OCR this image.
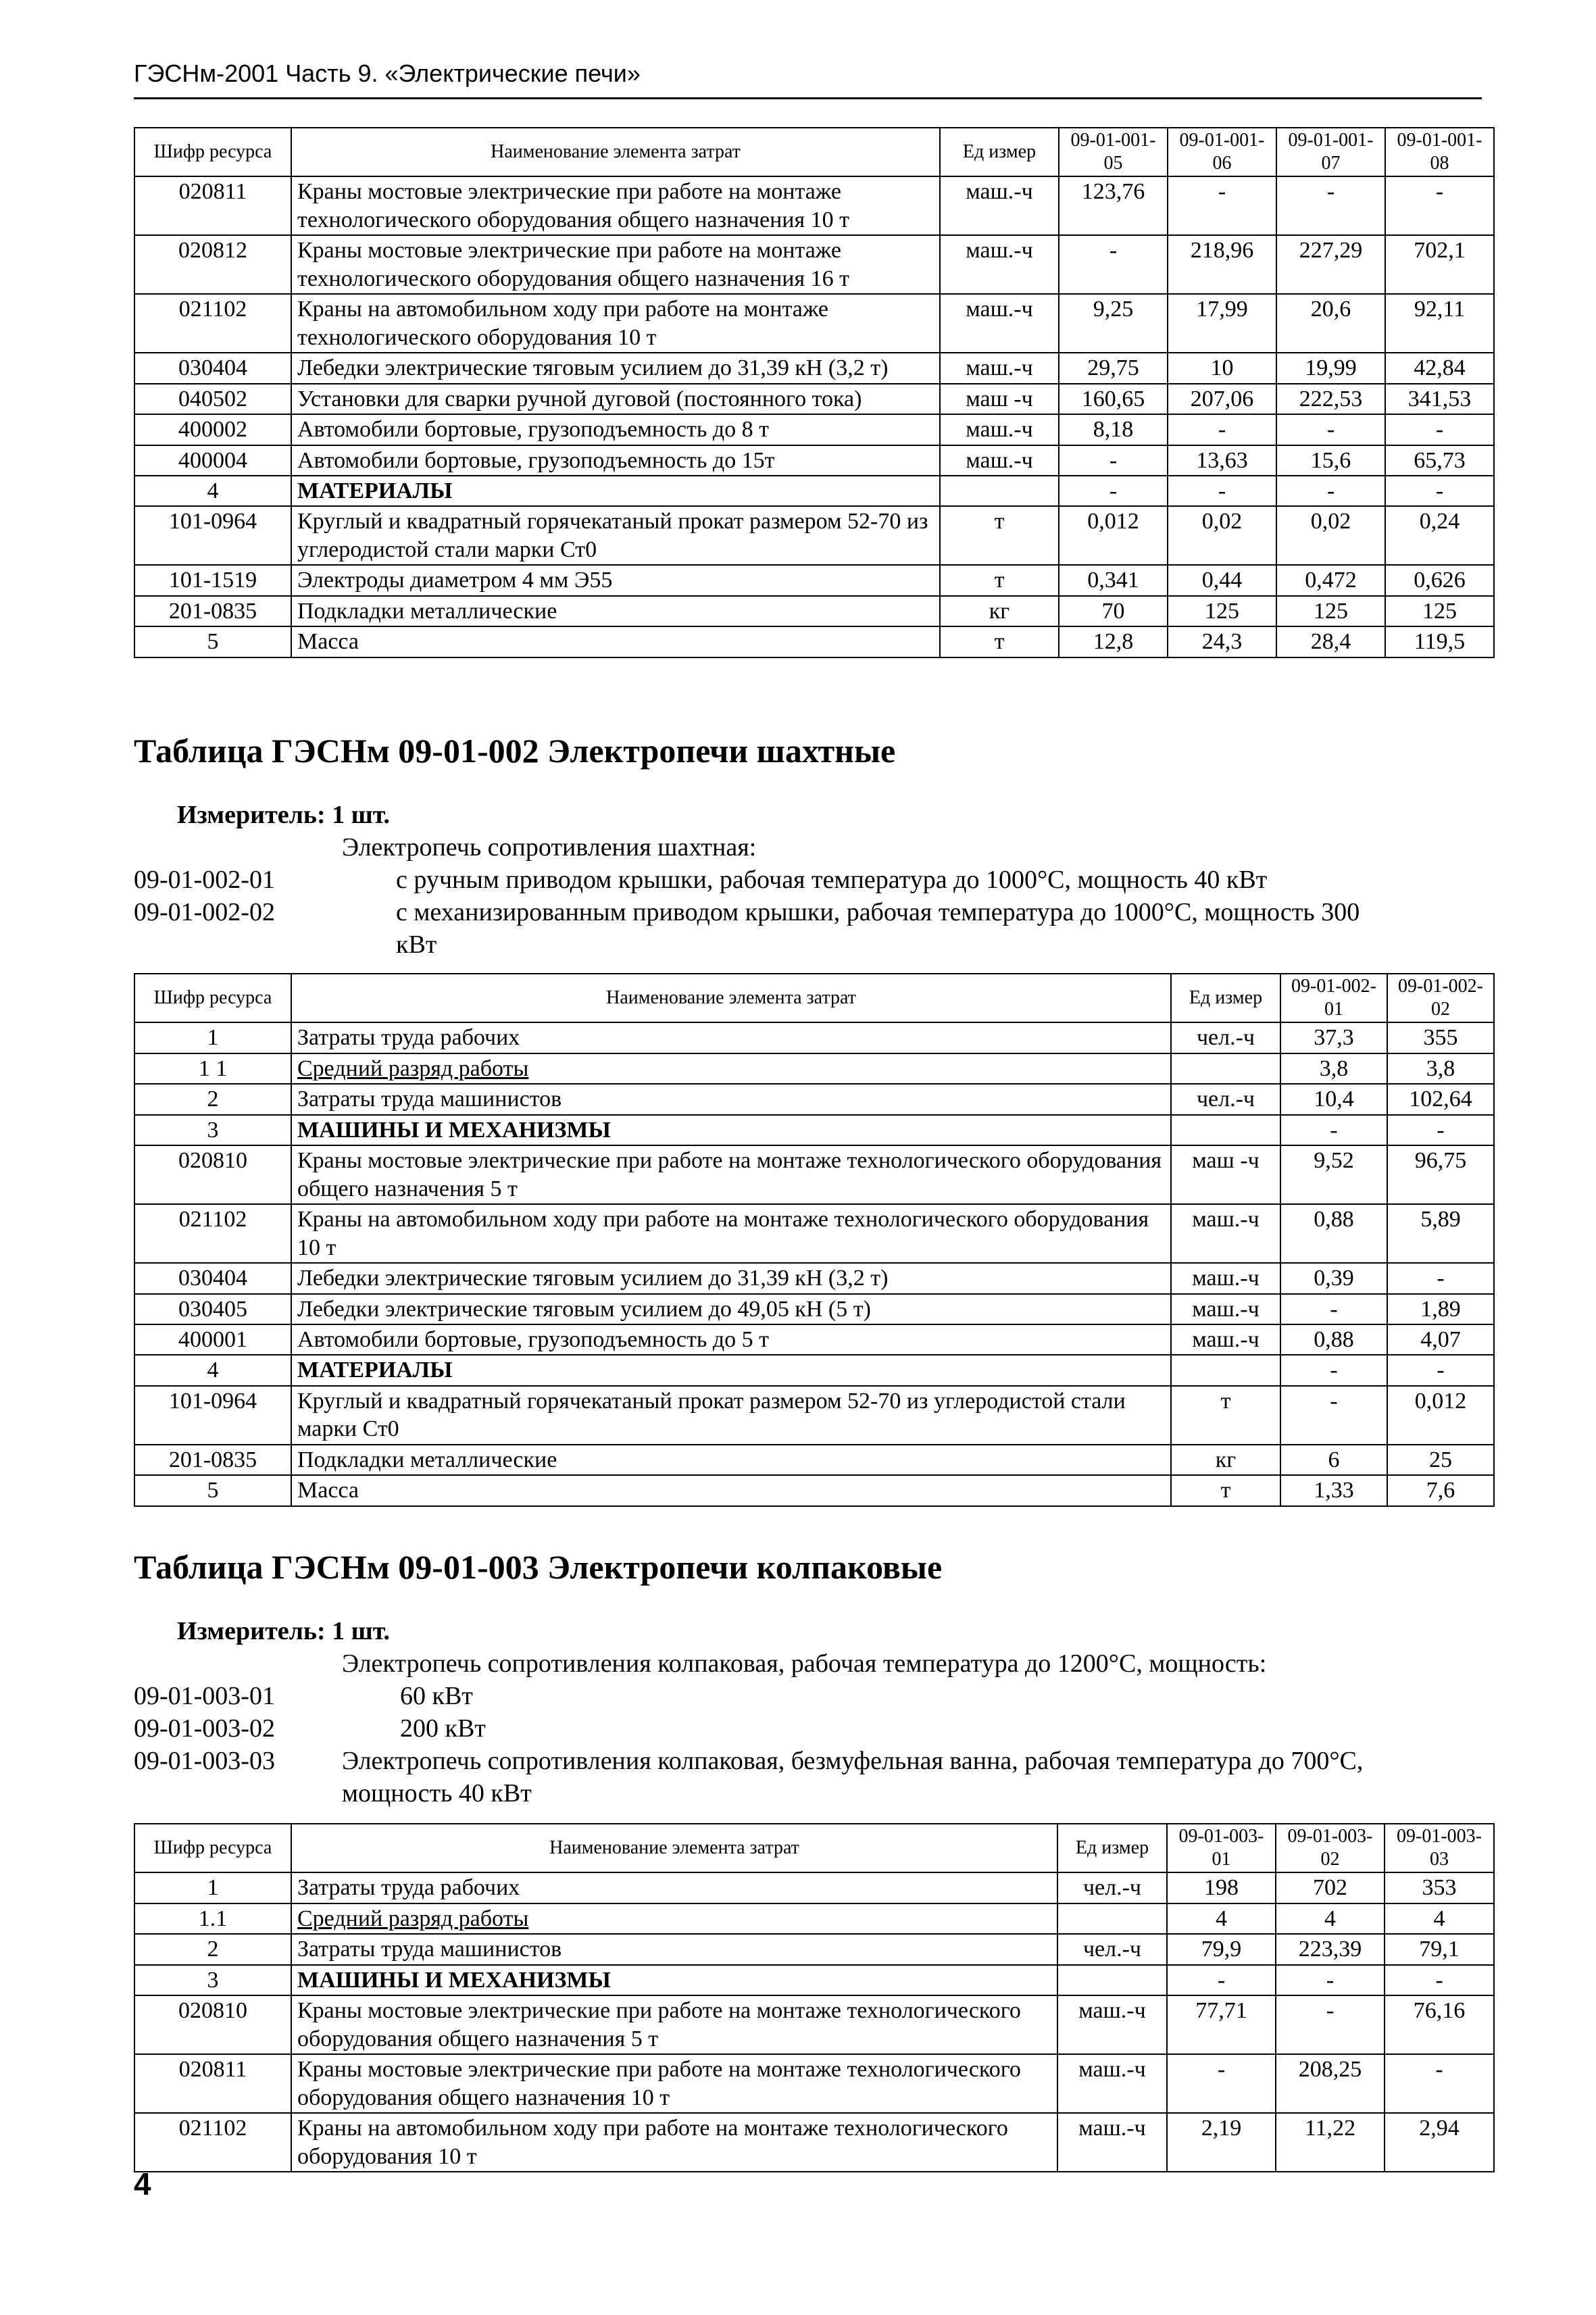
ГЭСНм-2001 Часть 9. «Электрические печи»
Шифр ресурса	Наименование элемента затрат	Ед измер	09-01-001-05	09-01-001-06	09-01-001-07	09-01-001-08
020811	Краны мостовые электрические при работе на монтаже технологического оборудования общего назначения 10 т	маш.-ч	123,76	-	-	-
020812	Краны мостовые электрические при работе на монтаже технологического оборудования общего назначения 16 т	маш.-ч	-	218,96	227,29	702,1
021102	Краны на автомобильном ходу при работе на монтаже технологического оборудования 10 т	маш.-ч	9,25	17,99	20,6	92,11
030404	Лебедки электрические тяговым усилием до 31,39 кН (3,2 т)	маш.-ч	29,75	10	19,99	42,84
040502	Установки для сварки ручной дуговой (постоянного тока)	маш -ч	160,65	207,06	222,53	341,53
400002	Автомобили бортовые, грузоподъемность до 8 т	маш.-ч	8,18	-	-	-
400004	Автомобили бортовые, грузоподъемность до 15т	маш.-ч	-	13,63	15,6	65,73
4	МАТЕРИАЛЫ		-	-	-	-
101-0964	Круглый и квадратный горячекатаный прокат размером 52-70 из углеродистой стали марки Ст0	т	0,012	0,02	0,02	0,24
101-1519	Электроды диаметром 4 мм Э55	т	0,341	0,44	0,472	0,626
201-0835	Подкладки металлические	кг	70	125	125	125
5	Масса	т	12,8	24,3	28,4	119,5
Таблица ГЭСНм 09-01-002 Электропечи шахтные
Измеритель: 1 шт.
Электропечь сопротивления шахтная:
09-01-002-01	с ручным приводом крышки, рабочая температура до 1000°С, мощность 40 кВт
09-01-002-02	с механизированным приводом крышки, рабочая температура до 1000°С, мощность 300
кВт
Шифр ресурса	Наименование элемента затрат	Ед измер	09-01-002-01	09-01-002-02
1	Затраты труда рабочих	чел.-ч	37,3	355
1 1	Средний разряд работы		3,8	3,8
2	Затраты труда машинистов	чел.-ч	10,4	102,64
3	МАШИНЫ И МЕХАНИЗМЫ		-	-
020810	Краны мостовые электрические при работе на монтаже технологического оборудования общего назначения 5 т	маш -ч	9,52	96,75
021102	Краны на автомобильном ходу при работе на монтаже технологического оборудования 10 т	маш.-ч	0,88	5,89
030404	Лебедки электрические тяговым усилием до 31,39 кН (3,2 т)	маш.-ч	0,39	-
030405	Лебедки электрические тяговым усилием до 49,05 кН (5 т)	маш.-ч	-	1,89
400001	Автомобили бортовые, грузоподъемность до 5 т	маш.-ч	0,88	4,07
4	МАТЕРИАЛЫ		-	-
101-0964	Круглый и квадратный горячекатаный прокат размером 52-70 из углеродистой стали марки Ст0	т	-	0,012
201-0835	Подкладки металлические	кг	6	25
5	Масса	т	1,33	7,6
Таблица ГЭСНм 09-01-003 Электропечи колпаковые
Измеритель: 1 шт.
Электропечь сопротивления колпаковая, рабочая температура до 1200°С, мощность:
09-01-003-01	60 кВт
09-01-003-02	200 кВт
09-01-003-03	Электропечь сопротивления колпаковая, безмуфельная ванна, рабочая температура до 700°С,
мощность 40 кВт
Шифр ресурса	Наименование элемента затрат	Ед измер	09-01-003-01	09-01-003-02	09-01-003-03
1	Затраты труда рабочих	чел.-ч	198	702	353
1.1	Средний разряд работы		4	4	4
2	Затраты труда машинистов	чел.-ч	79,9	223,39	79,1
3	МАШИНЫ И МЕХАНИЗМЫ		-	-	-
020810	Краны мостовые электрические при работе на монтаже технологического оборудования общего назначения 5 т	маш.-ч	77,71	-	76,16
020811	Краны мостовые электрические при работе на монтаже технологического оборудования общего назначения 10 т	маш.-ч	-	208,25	-
021102	Краны на автомобильном ходу при работе на монтаже технологического оборудования 10 т	маш.-ч	2,19	11,22	2,94
4
